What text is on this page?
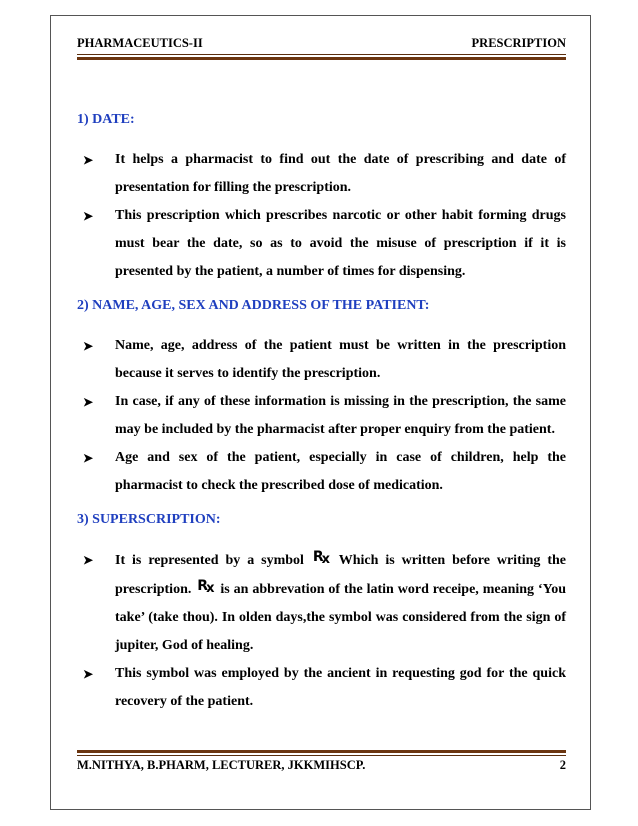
PHARMACEUTICS-II	PRESCRIPTION

1) DATE:

➤ It helps a pharmacist to find out the date of prescribing and date of presentation for filling the prescription.
➤ This prescription which prescribes narcotic or other habit forming drugs must bear the date, so as to avoid the misuse of prescription if it is presented by the patient, a number of times for dispensing.

2) NAME, AGE, SEX AND ADDRESS OF THE PATIENT:

➤ Name, age, address of the patient must be written in the prescription because it serves to identify the prescription.
➤ In case, if any of these information is missing in the prescription, the same may be included by the pharmacist after proper enquiry from the patient.
➤ Age and sex of the patient, especially in case of children, help the pharmacist to check the prescribed dose of medication.

3) SUPERSCRIPTION:

➤ It is represented by a symbol $R_x$ Which is written before writing the prescription. $R_x$ is an abbrevation of the latin word receipe, meaning ‘You take’ (take thou). In olden days,the symbol was considered from the sign of jupiter, God of healing.
➤ This symbol was employed by the ancient in requesting god for the quick recovery of the patient.
M.NITHYA, B.PHARM, LECTURER, JKKMIHSCP.	2
